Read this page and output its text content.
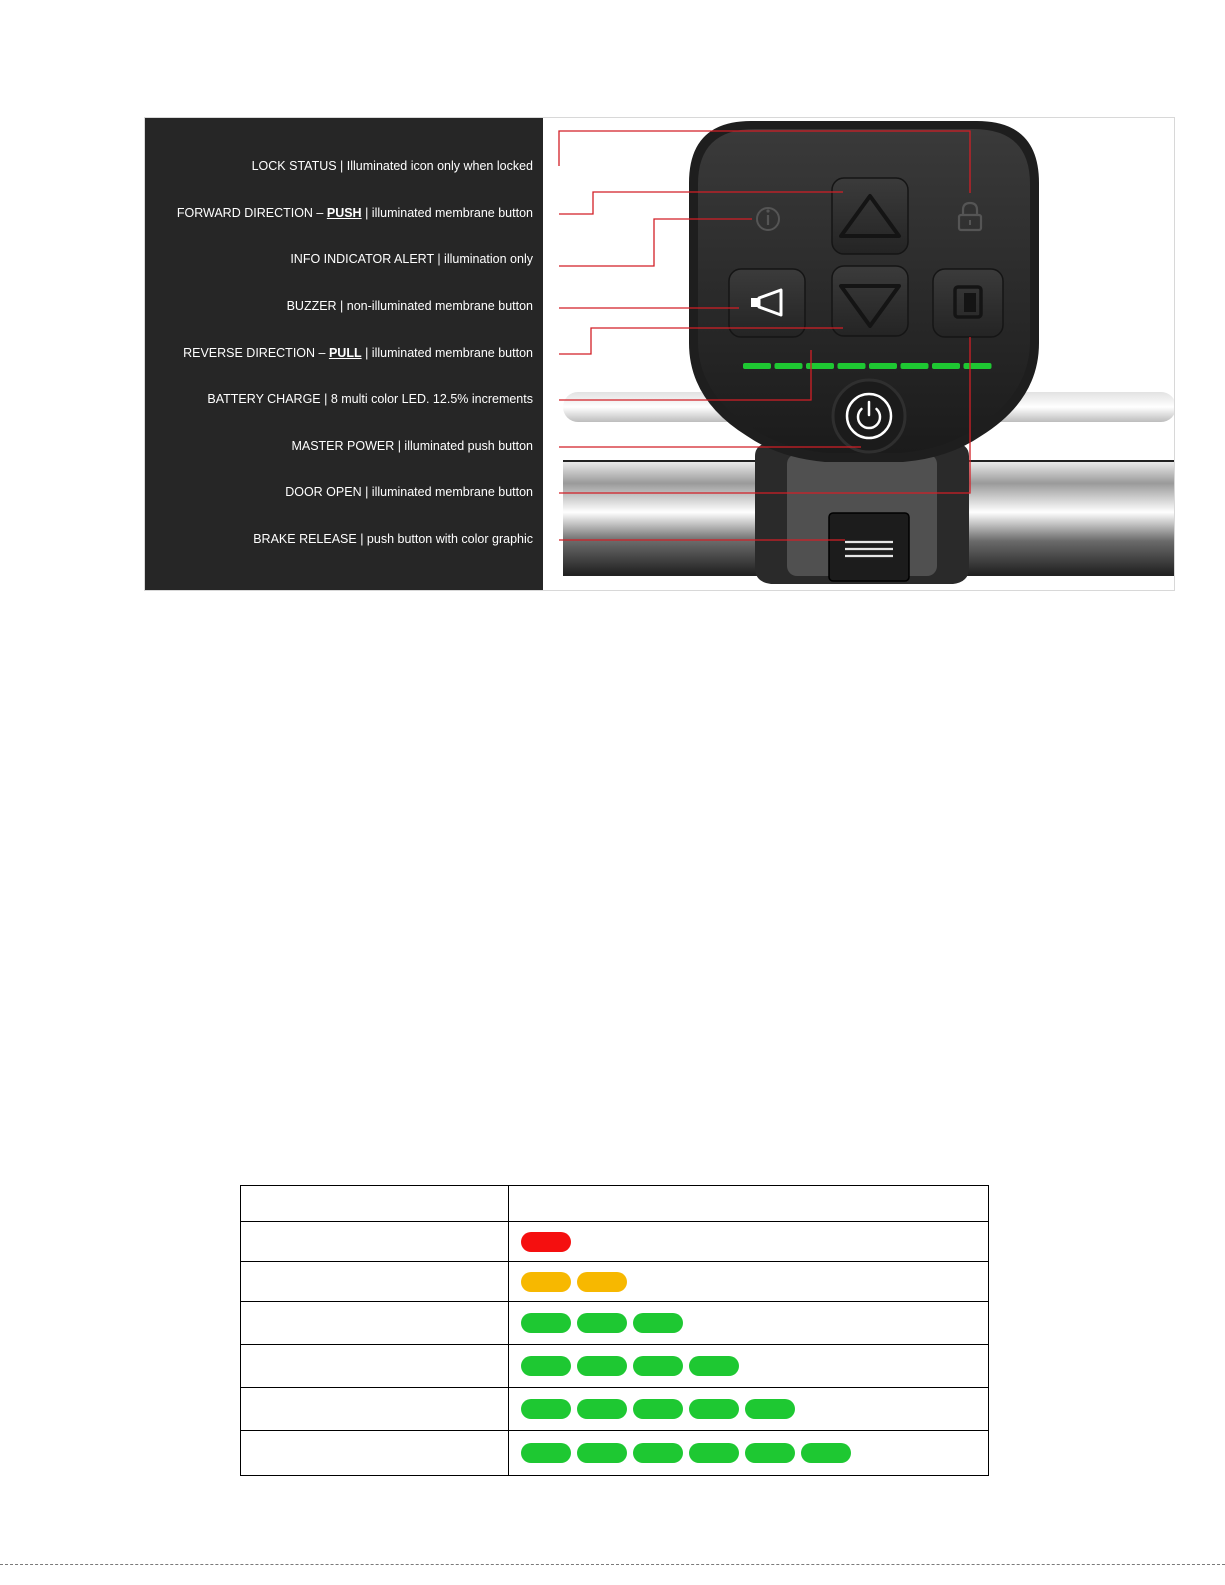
LOCK STATUS | Illuminated icon only when locked
FORWARD DIRECTION – PUSH | illuminated membrane button
INFO INDICATOR ALERT | illumination only
BUZZER | non-illuminated membrane button
REVERSE DIRECTION – PULL | illuminated membrane button
BATTERY CHARGE | 8 multi color LED. 12.5% increments
MASTER POWER | illuminated push button
DOOR OPEN | illuminated membrane button
BRAKE RELEASE | push button with color graphic
